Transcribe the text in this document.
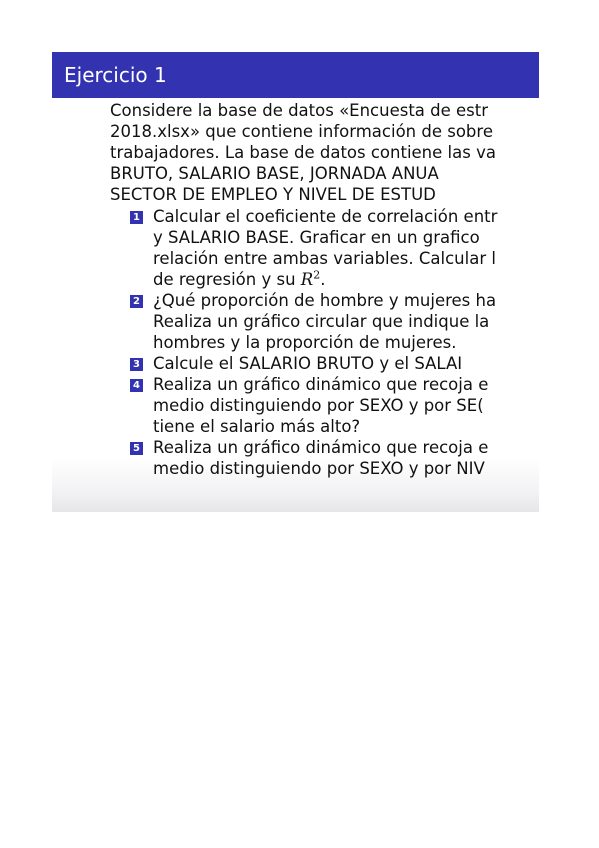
Ejercicio 1
Considere la base de datos «Encuesta de estr
2018.xlsx» que contiene información de sobre
trabajadores. La base de datos contiene las va
BRUTO, SALARIO BASE, JORNADA ANUA
SECTOR DE EMPLEO Y NIVEL DE ESTUD
1 Calcular el coeficiente de correlación entr
y SALARIO BASE. Graficar en un grafico
relación entre ambas variables. Calcular l
de regresión y su $R^2$.
2 ¿Qué proporción de hombre y mujeres ha
Realiza un gráfico circular que indique la
hombres y la proporción de mujeres.
3 Calcule el SALARIO BRUTO y el SALAI
4 Realiza un gráfico dinámico que recoja e
medio distinguiendo por SEXO y por SE(
tiene el salario más alto?
5 Realiza un gráfico dinámico que recoja e
medio distinguiendo por SEXO y por NIV
